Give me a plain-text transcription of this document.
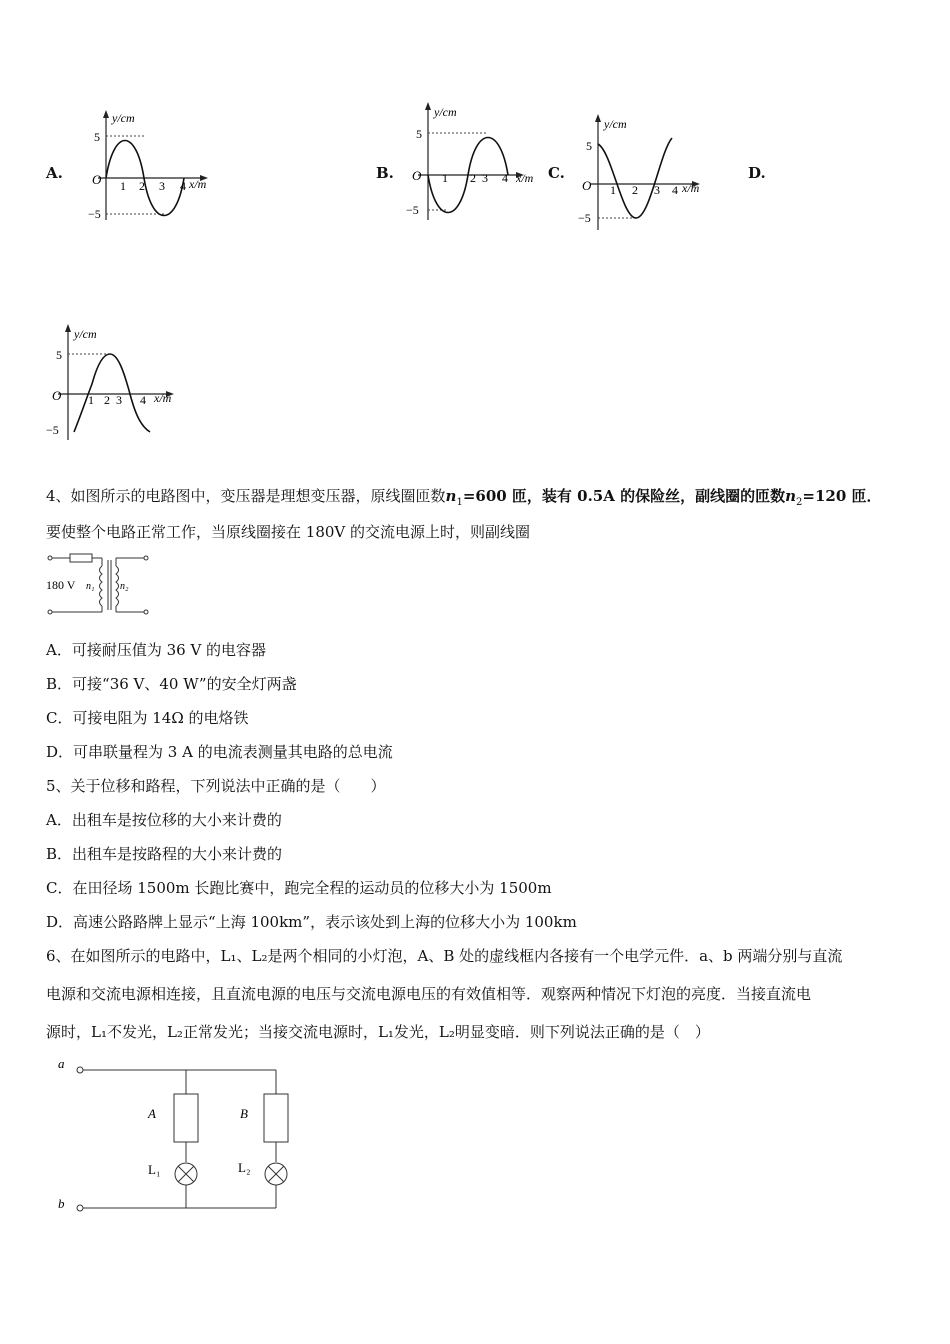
A.
y/cm
O
5
−5
1 2 3 4 x/m
B.
y/cm
O
5
−5
1 2 3 4 x/m C.
y/cm
O
5
−5
1 2 3 4 x/m
D.
y/cm
O
5
−5
1 2 3 4 x/m
4、如图所示的电路图中，变压器是理想变压器，原线圈匝数$n_1=600$ 匝，装有 0.5A 的保险丝，副线圈的匝数$n_2=120$ 匝．
要使整个电路正常工作，当原线圈接在 180V 的交流电源上时，则副线圈
180 V n₁	n₂
A．可接耐压值为 36 V 的电容器
B．可接“36 V、40 W”的安全灯两盏
C．可接电阻为 14Ω 的电烙铁
D．可串联量程为 3 A 的电流表测量其电路的总电流
5、关于位移和路程，下列说法中正确的是（　　）
A．出租车是按位移的大小来计费的
B．出租车是按路程的大小来计费的
C．在田径场 1500m 长跑比赛中，跑完全程的运动员的位移大小为 1500m
D．高速公路路牌上显示“上海 100km”，表示该处到上海的位移大小为 100km
6、在如图所示的电路中，L₁、L₂是两个相同的小灯泡，A、B 处的虚线框内各接有一个电学元件．a、b 两端分别与直流
电源和交流电源相连接，且直流电源的电压与交流电源电压的有效值相等．观察两种情况下灯泡的亮度．当接直流电
源时，L₁不发光，L₂正常发光；当接交流电源时，L₁发光，L₂明显变暗．则下列说法正确的是（　）
a
b
A	B
L₁	L₂
